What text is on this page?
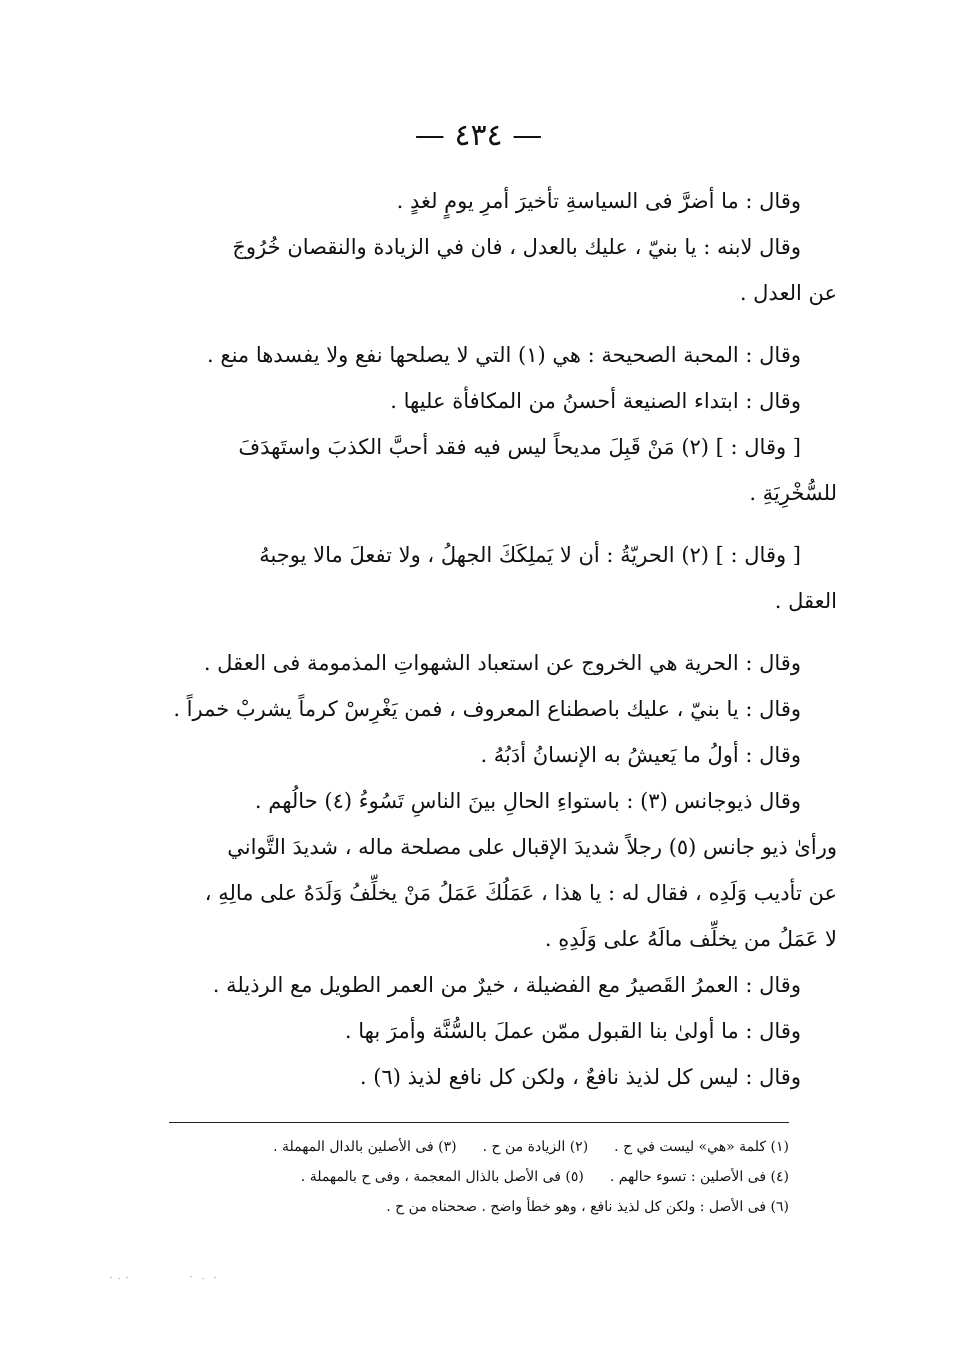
— ٤٣٤ —

وقال : ما أضرَّ فى السياسةِ تأخيرَ أمرِ يومٍ لغدٍ .

وقال لابنه : يا بنيّ ، عليك بالعدل ، فان في الزيادة والنقصان خُرُوجَ

عن العدل .

وقال : المحبة الصحيحة : هي (١) التي لا يصلحها نفع ولا يفسدها منع .

وقال : ابتداء الصنيعة أحسنُ من المكافأة عليها .

[ وقال : ] (٢) مَنْ قَبِلَ مديحاً ليس فيه فقد أحبَّ الكذبَ واستَهدَفَ

للسُّخْرِيَةِ .

[ وقال : ] (٢) الحريّةُ : أن لا يَملِكَكَ الجهلُ ، ولا تفعلَ مالا يوجبهُ

العقل .

وقال : الحرية هي الخروج عن استعباد الشهواتِ المذمومة فى العقل .

وقال : يا بنيّ ، عليك باصطناع المعروف ، فمن يَغْرِسْ كرماً يشربْ خمراً .

وقال : أولُ ما يَعيشُ به الإنسانُ أدَبُهُ .

وقال ذيوجانس (٣) : باستواءِ الحالِ بينَ الناسِ تَسُوءُ (٤) حالُهم .

ورأىٰ ذيو جانس (٥) رجلاً شديدَ الإقبال على مصلحة ماله ، شديدَ التَّواني

عن تأديب وَلَدِه ، فقال له : يا هذا ، عَمَلُكَ عَمَلُ مَنْ يخلِّفُ وَلَدَهُ على مالِهِ ،

لا عَمَلُ من يخلِّف مالَهُ على وَلَدِهِ .

وقال : العمرُ القَصيرُ مع الفضيلة ، خيرٌ من العمر الطويل مع الرذيلة .

وقال : ما أولىٰ بنا القبول ممّن عملَ بالسُّنَّة وأمرَ بها .

وقال : ليس كل لذيذ نافعٌ ، ولكن كل نافع لذيذ (٦) .

(١) كلمة «هي» ليست في ح .(٢) الزيادة من ح .(٣) فى الأصلين بالدال المهملة .
(٤) فى الأصلين : تسوء حالهم .(٥) فى الأصل بالذال المعجمة ، وفى ح بالمهملة .
(٦) فى الأصل : ولكن كل لذيذ نافع ، وهو خطأ واضح . صححناه من ح .
